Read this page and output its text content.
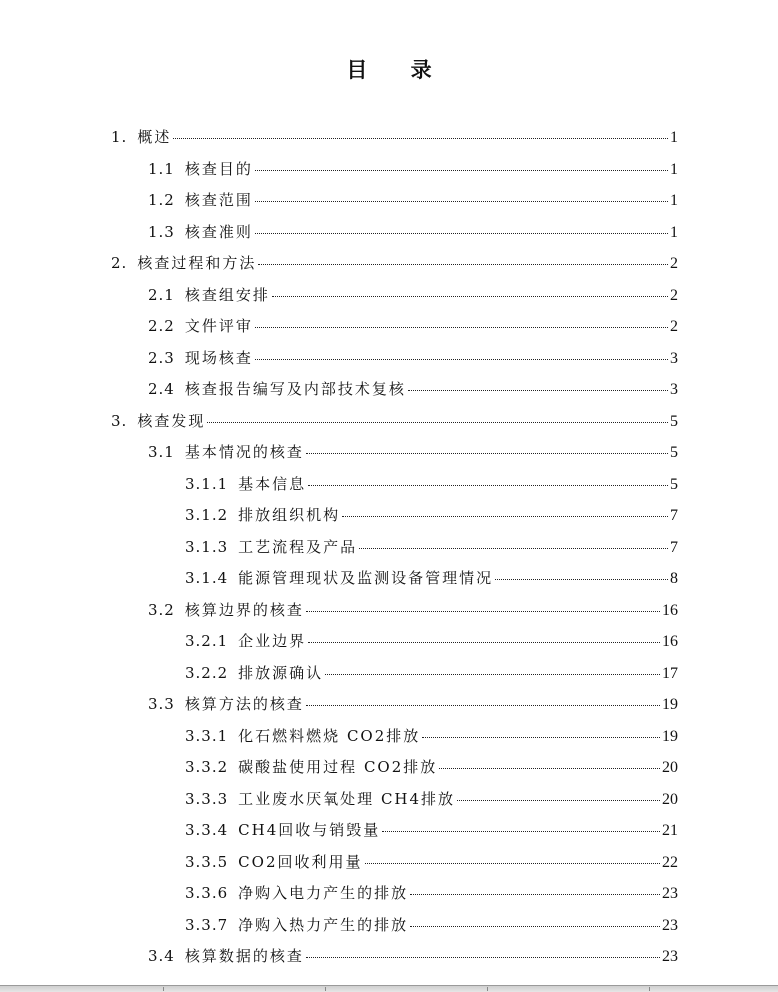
目 录
1. 概述	1
1.1 核查目的	1
1.2 核查范围	1
1.3 核查准则	1
2. 核查过程和方法	2
2.1 核查组安排	2
2.2 文件评审	2
2.3 现场核查	3
2.4 核查报告编写及内部技术复核	3
3. 核查发现	5
3.1 基本情况的核查	5
3.1.1 基本信息	5
3.1.2 排放组织机构	7
3.1.3 工艺流程及产品	7
3.1.4 能源管理现状及监测设备管理情况	8
3.2 核算边界的核查	16
3.2.1 企业边界	16
3.2.2 排放源确认	17
3.3 核算方法的核查	19
3.3.1 化石燃料燃烧 CO2排放	19
3.3.2 碳酸盐使用过程 CO2排放	20
3.3.3 工业废水厌氧处理 CH4排放	20
3.3.4 CH4回收与销毁量	21
3.3.5 CO2回收利用量	22
3.3.6 净购入电力产生的排放	23
3.3.7 净购入热力产生的排放	23
3.4 核算数据的核查	23
